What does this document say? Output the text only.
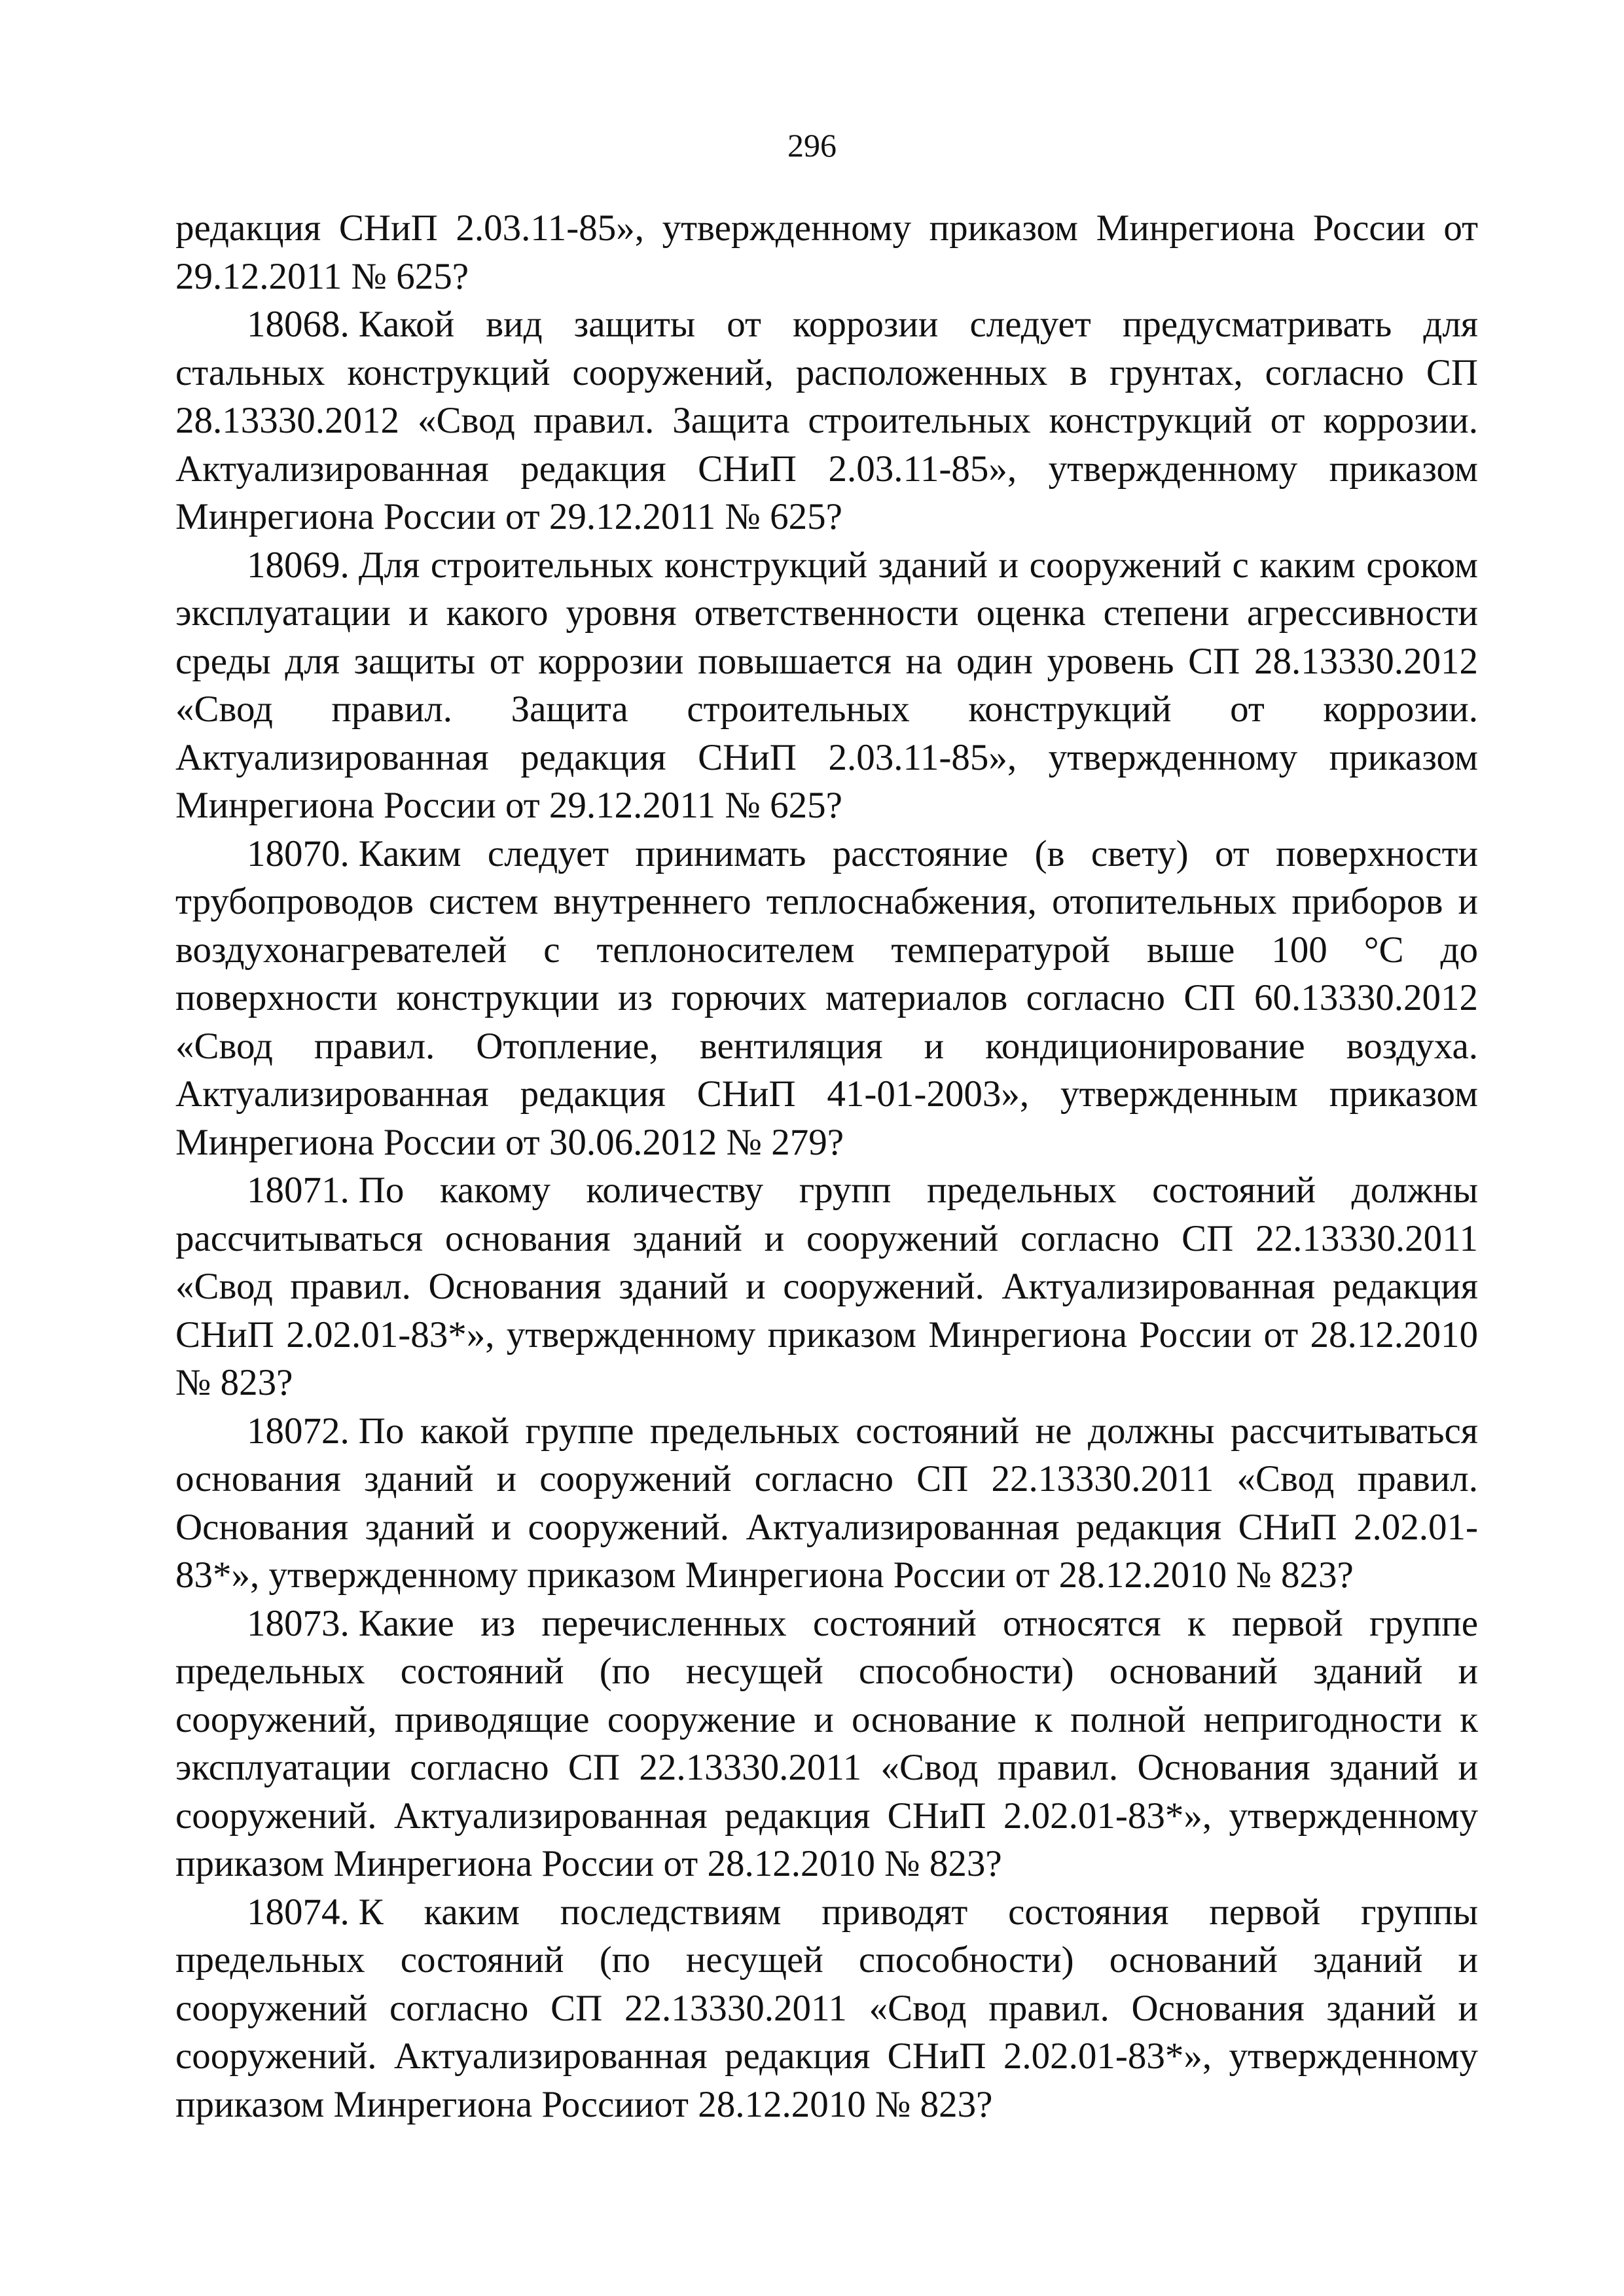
296

редакция СНиП 2.03.11-85», утвержденному приказом Минрегиона России от 29.12.2011 № 625?

18068. Какой вид защиты от коррозии следует предусматривать для стальных конструкций сооружений, расположенных в грунтах, согласно СП 28.13330.2012 «Свод правил. Защита строительных конструкций от коррозии. Актуализированная редакция СНиП 2.03.11-85», утвержденному приказом Минрегиона России от 29.12.2011 № 625?

18069. Для строительных конструкций зданий и сооружений с каким сроком эксплуатации и какого уровня ответственности оценка степени агрессивности среды для защиты от коррозии повышается на один уровень СП 28.13330.2012 «Свод правил. Защита строительных конструкций от коррозии. Актуализированная редакция СНиП 2.03.11-85», утвержденному приказом Минрегиона России от 29.12.2011 № 625?

18070. Каким следует принимать расстояние (в свету) от поверхности трубопроводов систем внутреннего теплоснабжения, отопительных приборов и воздухонагревателей с теплоносителем температурой выше 100 °С до поверхности конструкции из горючих материалов согласно СП 60.13330.2012 «Свод правил. Отопление, вентиляция и кондиционирование воздуха. Актуализированная редакция СНиП 41-01-2003», утвержденным приказом Минрегиона России от 30.06.2012 № 279?

18071. По какому количеству групп предельных состояний должны рассчитываться основания зданий и сооружений согласно СП 22.13330.2011 «Свод правил. Основания зданий и сооружений. Актуализированная редакция СНиП 2.02.01-83*», утвержденному приказом Минрегиона России от 28.12.2010 № 823?

18072. По какой группе предельных состояний не должны рассчитываться основания зданий и сооружений согласно СП 22.13330.2011 «Свод правил. Основания зданий и сооружений. Актуализированная редакция СНиП 2.02.01-83*», утвержденному приказом Минрегиона России от 28.12.2010 № 823?

18073. Какие из перечисленных состояний относятся к первой группе предельных состояний (по несущей способности) оснований зданий и сооружений, приводящие сооружение и основание к полной непригодности к эксплуатации согласно СП 22.13330.2011 «Свод правил. Основания зданий и сооружений. Актуализированная редакция СНиП 2.02.01-83*», утвержденному приказом Минрегиона России от 28.12.2010 № 823?

18074. К каким последствиям приводят состояния первой группы предельных состояний (по несущей способности) оснований зданий и сооружений согласно СП 22.13330.2011 «Свод правил. Основания зданий и сооружений. Актуализированная редакция СНиП 2.02.01-83*», утвержденному приказом Минрегиона Россииот 28.12.2010 № 823?
